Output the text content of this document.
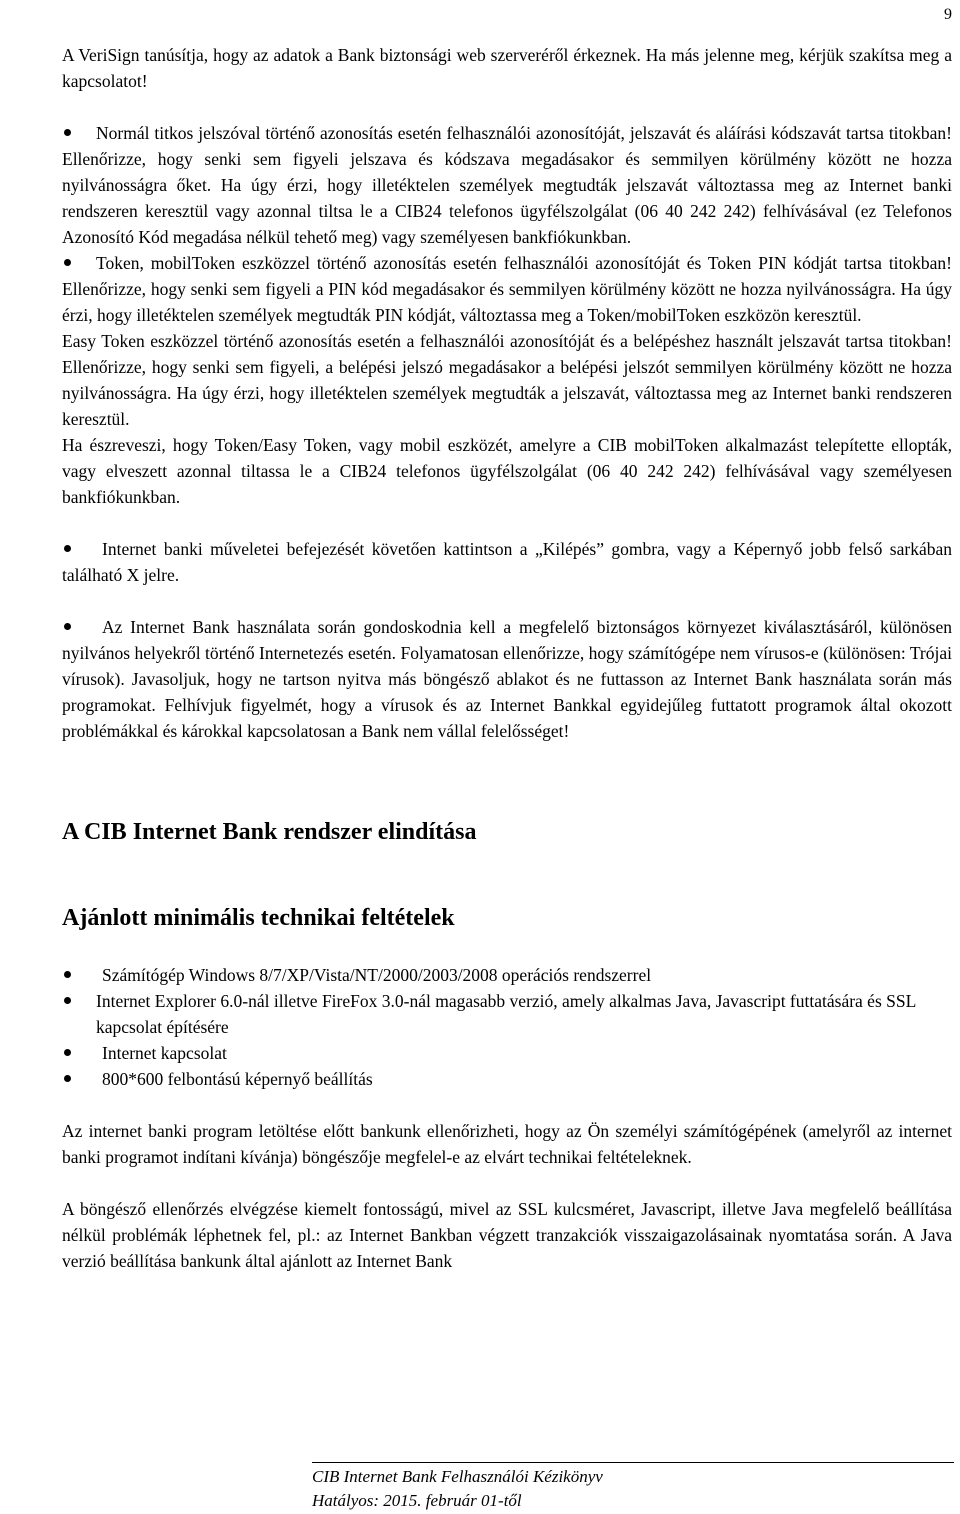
9

A VeriSign tanúsítja, hogy az adatok a Bank biztonsági web szerveréről érkeznek. Ha más jelenne meg, kérjük szakítsa meg a kapcsolatot!

Normál titkos jelszóval történő azonosítás esetén felhasználói azonosítóját, jelszavát és aláírási kódszavát tartsa titokban! Ellenőrizze, hogy senki sem figyeli jelszava és kódszava megadásakor és semmilyen körülmény között ne hozza nyilvánosságra őket. Ha úgy érzi, hogy illetéktelen személyek megtudták jelszavát változtassa meg az Internet banki rendszeren keresztül vagy azonnal tiltsa le a CIB24 telefonos ügyfélszolgálat (06 40 242 242) felhívásával (ez Telefonos Azonosító Kód megadása nélkül tehető meg) vagy személyesen bankfiókunkban.

Token, mobilToken eszközzel történő azonosítás esetén felhasználói azonosítóját és Token PIN kódját tartsa titokban! Ellenőrizze, hogy senki sem figyeli a PIN kód megadásakor és semmilyen körülmény között ne hozza nyilvánosságra. Ha úgy érzi, hogy illetéktelen személyek megtudták PIN kódját, változtassa meg a Token/mobilToken eszközön keresztül.

Easy Token eszközzel történő azonosítás esetén a felhasználói azonosítóját és a belépéshez használt jelszavát tartsa titokban! Ellenőrizze, hogy senki sem figyeli, a belépési jelszó megadásakor a belépési jelszót semmilyen körülmény között ne hozza nyilvánosságra. Ha úgy érzi, hogy illetéktelen személyek megtudták a jelszavát, változtassa meg az Internet banki rendszeren keresztül.

Ha észreveszi, hogy Token/Easy Token, vagy mobil eszközét, amelyre a CIB mobilToken alkalmazást telepítette ellopták, vagy elveszett azonnal tiltassa le a CIB24 telefonos ügyfélszolgálat (06 40 242 242) felhívásával vagy személyesen bankfiókunkban.

Internet banki műveletei befejezését követően kattintson a „Kilépés” gombra, vagy a Képernyő jobb felső sarkában található X jelre.

Az Internet Bank használata során gondoskodnia kell a megfelelő biztonságos környezet kiválasztásáról, különösen nyilvános helyekről történő Internetezés esetén. Folyamatosan ellenőrizze, hogy számítógépe nem vírusos-e (különösen: Trójai vírusok). Javasoljuk, hogy ne tartson nyitva más böngésző ablakot és ne futtasson az Internet Bank használata során más programokat. Felhívjuk figyelmét, hogy a vírusok és az Internet Bankkal egyidejűleg futtatott programok által okozott problémákkal és károkkal kapcsolatosan a Bank nem vállal felelősséget!

A CIB Internet Bank rendszer elindítása
Ajánlott minimális technikai feltételek
Számítógép Windows 8/7/XP/Vista/NT/2000/2003/2008 operációs rendszerrel
Internet Explorer 6.0-nál illetve FireFox 3.0-nál magasabb verzió, amely alkalmas Java, Javascript futtatására és SSL kapcsolat építésére
Internet kapcsolat
800*600 felbontású képernyő beállítás

Az internet banki program letöltése előtt bankunk ellenőrizheti, hogy az Ön személyi számítógépének (amelyről az internet banki programot indítani kívánja) böngészője megfelel-e az elvárt technikai feltételeknek.

A böngésző ellenőrzés elvégzése kiemelt fontosságú, mivel az SSL kulcsméret, Javascript, illetve Java megfelelő beállítása nélkül problémák léphetnek fel, pl.: az Internet Bankban végzett tranzakciók visszaigazolásainak nyomtatása során. A Java verzió beállítása bankunk által ajánlott az Internet Bank

CIB Internet Bank Felhasználói Kézikönyv
Hatályos: 2015. február 01-től
